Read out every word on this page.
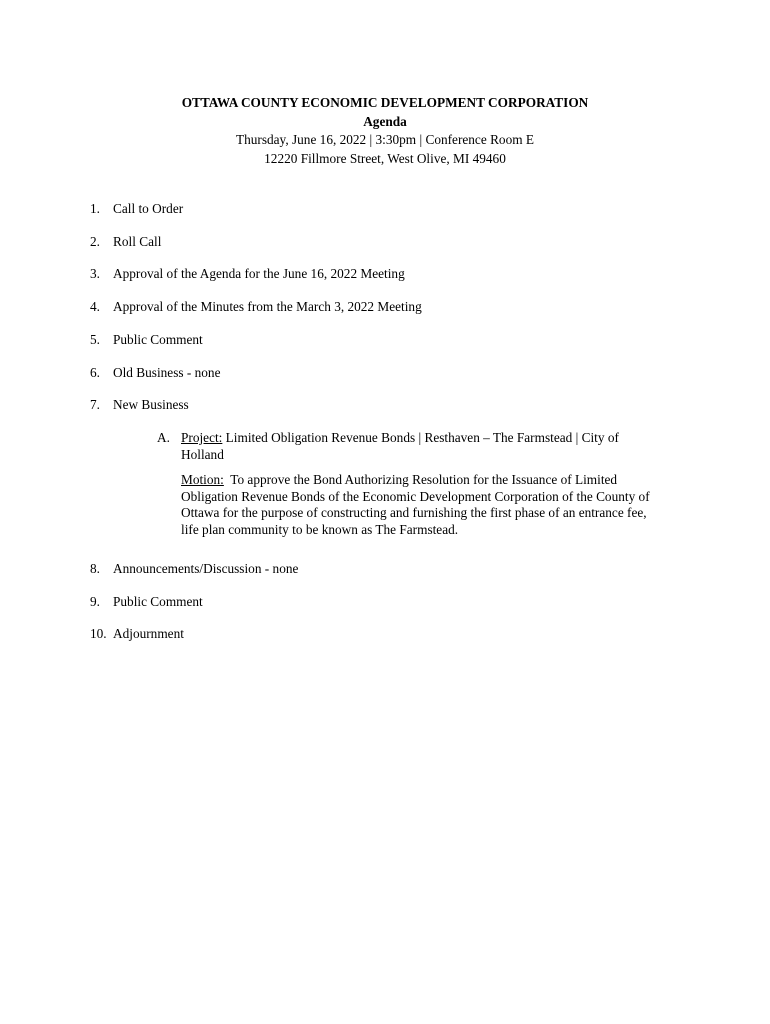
OTTAWA COUNTY ECONOMIC DEVELOPMENT CORPORATION
Agenda
Thursday, June 16, 2022 | 3:30pm | Conference Room E
12220 Fillmore Street, West Olive, MI 49460
1. Call to Order
2. Roll Call
3. Approval of the Agenda for the June 16, 2022 Meeting
4. Approval of the Minutes from the March 3, 2022 Meeting
5. Public Comment
6. Old Business - none
7. New Business
A. Project: Limited Obligation Revenue Bonds | Resthaven – The Farmstead | City of
Holland
Motion:  To approve the Bond Authorizing Resolution for the Issuance of Limited
Obligation Revenue Bonds of the Economic Development Corporation of the County of
Ottawa for the purpose of constructing and furnishing the first phase of an entrance fee,
life plan community to be known as The Farmstead.
8. Announcements/Discussion - none
9. Public Comment
10. Adjournment
